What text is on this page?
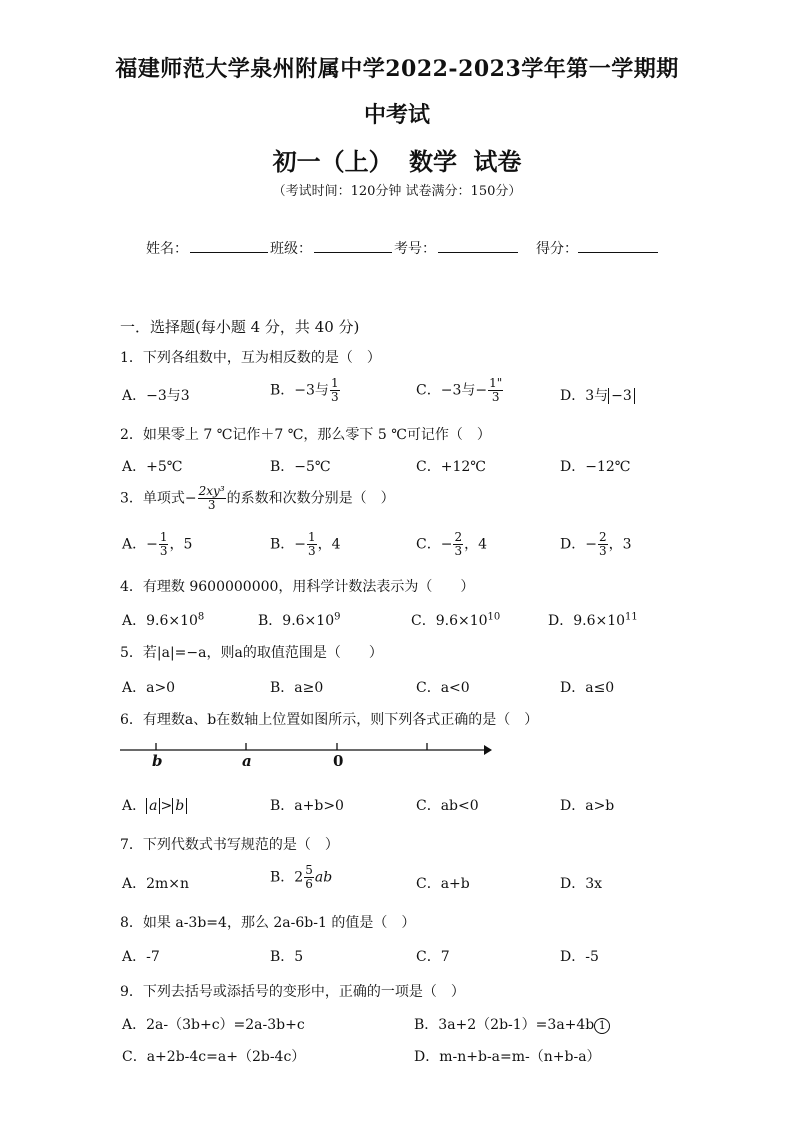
福建师范大学泉州附属中学2022-2023学年第一学期期
中考试
初一（上） 数学 试卷
（考试时间：120分钟 试卷满分：150分）
姓名：	班级：	考号：	得分：
一．选择题(每小题 4 分，共 40 分)
1．下列各组数中，互为相反数的是（　）
A．−3与3	B．−3与 $\frac{1}{3}$	C．−3与− $\frac{1"}{3}$	D．3与 −3
2．如果零上 7 ℃记作＋7 ℃，那么零下 5 ℃可记作（　）
A．+5℃	B．−5℃	C．+12℃	D．−12℃
3．单项式− $\frac{\text{2xy³}}{3}$ 的系数和次数分别是（　）
A．− $\frac{1}{3}$ ，5	B．− $\frac{1}{3}$ ，4	C．− $\frac{2}{3}$ ，4	D．− $\frac{2}{3}$ ，3
4．有理数 9600000000，用科学计数法表示为（　　）
A．$9.6\times 10^8$	B．$9.6\times 10^9$	C．$9.6\times 10^{10}$	D．$9.6\times 10^{11}$
5．若|a|=−a，则a的取值范围是（　　）
A．a>0	B．a≥0	C．a<0	D．a≤0
6．有理数a、b在数轴上位置如图所示，则下列各式正确的是（　）
b	a	0
A． a > b	B．a+b>0	C．ab<0	D．a>b
7．下列代数式书写规范的是（　）
A．2m×n	B．$2 \frac{5}{6}$ ab	C．a+b	D．3x
8．如果 a-3b=4，那么 2a-6b-1 的值是（　）
A．-7	B．5	C．7	D．-5
9．下列去括号或添括号的变形中，正确的一项是（　）
A．2a-（3b+c）=2a-3b+c	B．3a+2（2b-1）=3a+4b 1
C．a+2b-4c=a+（2b-4c）	D．m-n+b-a=m-（n+b-a）
